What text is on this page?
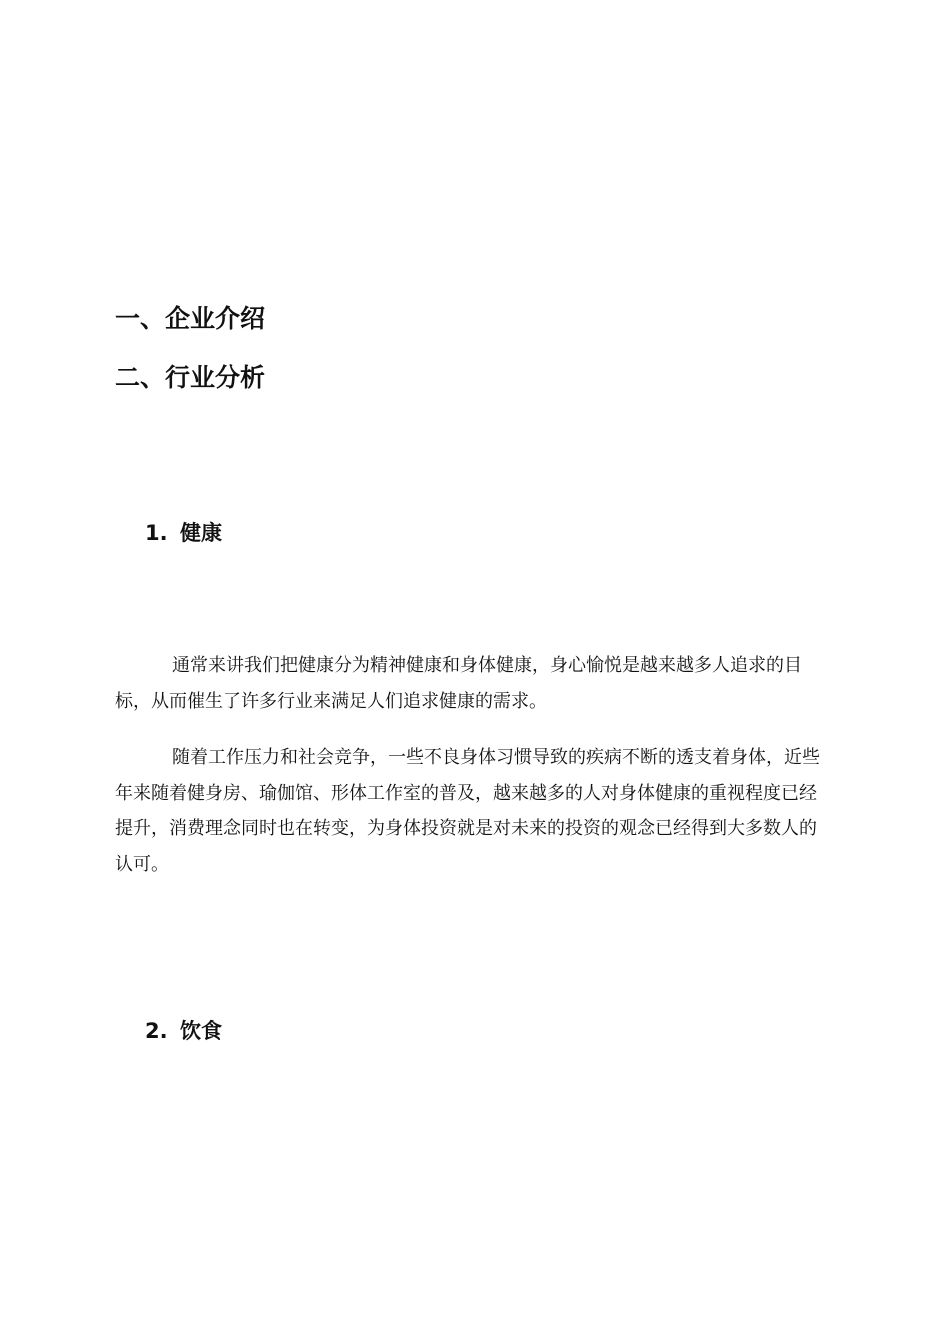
一、企业介绍
二、行业分析
1. 健康

通常来讲我们把健康分为精神健康和身体健康，身心愉悦是越来越多人追求的目标，从而催生了许多行业来满足人们追求健康的需求。

随着工作压力和社会竞争，一些不良身体习惯导致的疾病不断的透支着身体，近些年来随着健身房、瑜伽馆、形体工作室的普及，越来越多的人对身体健康的重视程度已经提升，消费理念同时也在转变，为身体投资就是对未来的投资的观念已经得到大多数人的认可。

2. 饮食
